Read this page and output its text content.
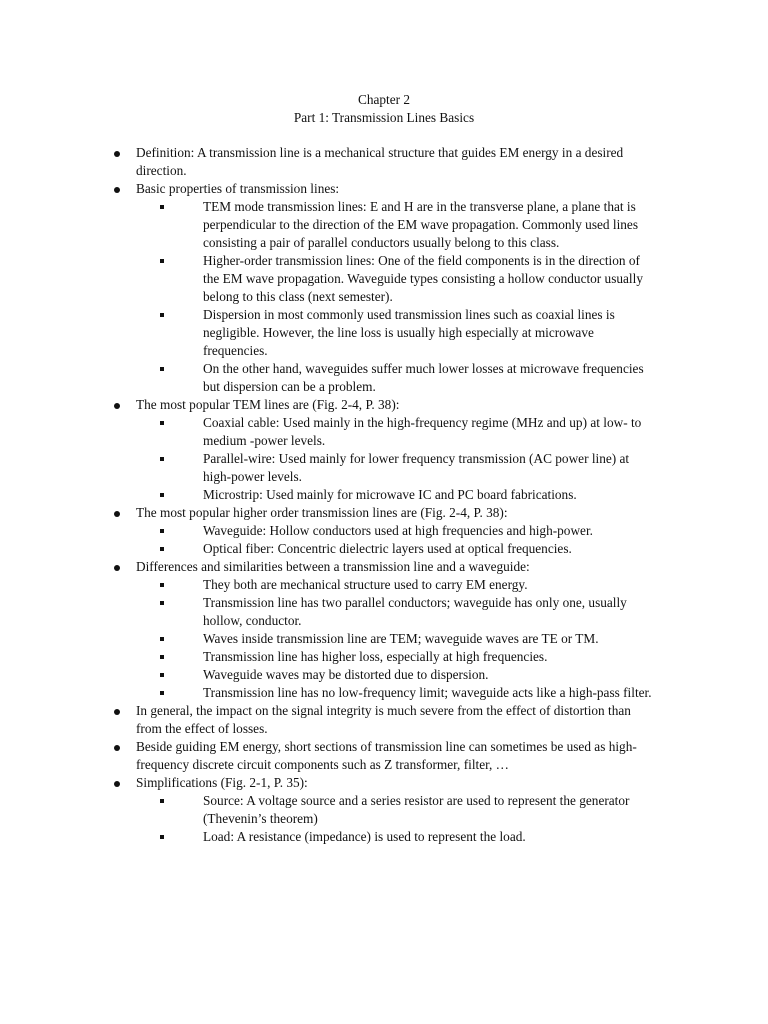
Chapter 2
Part 1: Transmission Lines Basics
Definition: A transmission line is a mechanical structure that guides EM energy in a desired direction.
Basic properties of transmission lines:
TEM mode transmission lines: E and H are in the transverse plane, a plane that is perpendicular to the direction of the EM wave propagation. Commonly used lines consisting a pair of parallel conductors usually belong to this class.
Higher-order transmission lines: One of the field components is in the direction of the EM wave propagation. Waveguide types consisting a hollow conductor usually belong to this class (next semester).
Dispersion in most commonly used transmission lines such as coaxial lines is negligible. However, the line loss is usually high especially at microwave frequencies.
On the other hand, waveguides suffer much lower losses at microwave frequencies but dispersion can be a problem.
The most popular TEM lines are (Fig. 2-4, P. 38):
Coaxial cable: Used mainly in the high-frequency regime (MHz and up) at low- to medium -power levels.
Parallel-wire: Used mainly for lower frequency transmission (AC power line) at high-power levels.
Microstrip: Used mainly for microwave IC and PC board fabrications.
The most popular higher order transmission lines are (Fig. 2-4, P. 38):
Waveguide: Hollow conductors used at high frequencies and high-power.
Optical fiber: Concentric dielectric layers used at optical frequencies.
Differences and similarities between a transmission line and a waveguide:
They both are mechanical structure used to carry EM energy.
Transmission line has two parallel conductors; waveguide has only one, usually hollow, conductor.
Waves inside transmission line are TEM; waveguide waves are TE or TM.
Transmission line has higher loss, especially at high frequencies.
Waveguide waves may be distorted due to dispersion.
Transmission line has no low-frequency limit; waveguide acts like a high-pass filter.
In general, the impact on the signal integrity is much severe from the effect of distortion than from the effect of losses.
Beside guiding EM energy, short sections of transmission line can sometimes be used as high-frequency discrete circuit components such as Z transformer, filter, …
Simplifications (Fig. 2-1, P. 35):
Source: A voltage source and a series resistor are used to represent the generator (Thevenin’s theorem)
Load: A resistance (impedance) is used to represent the load.
